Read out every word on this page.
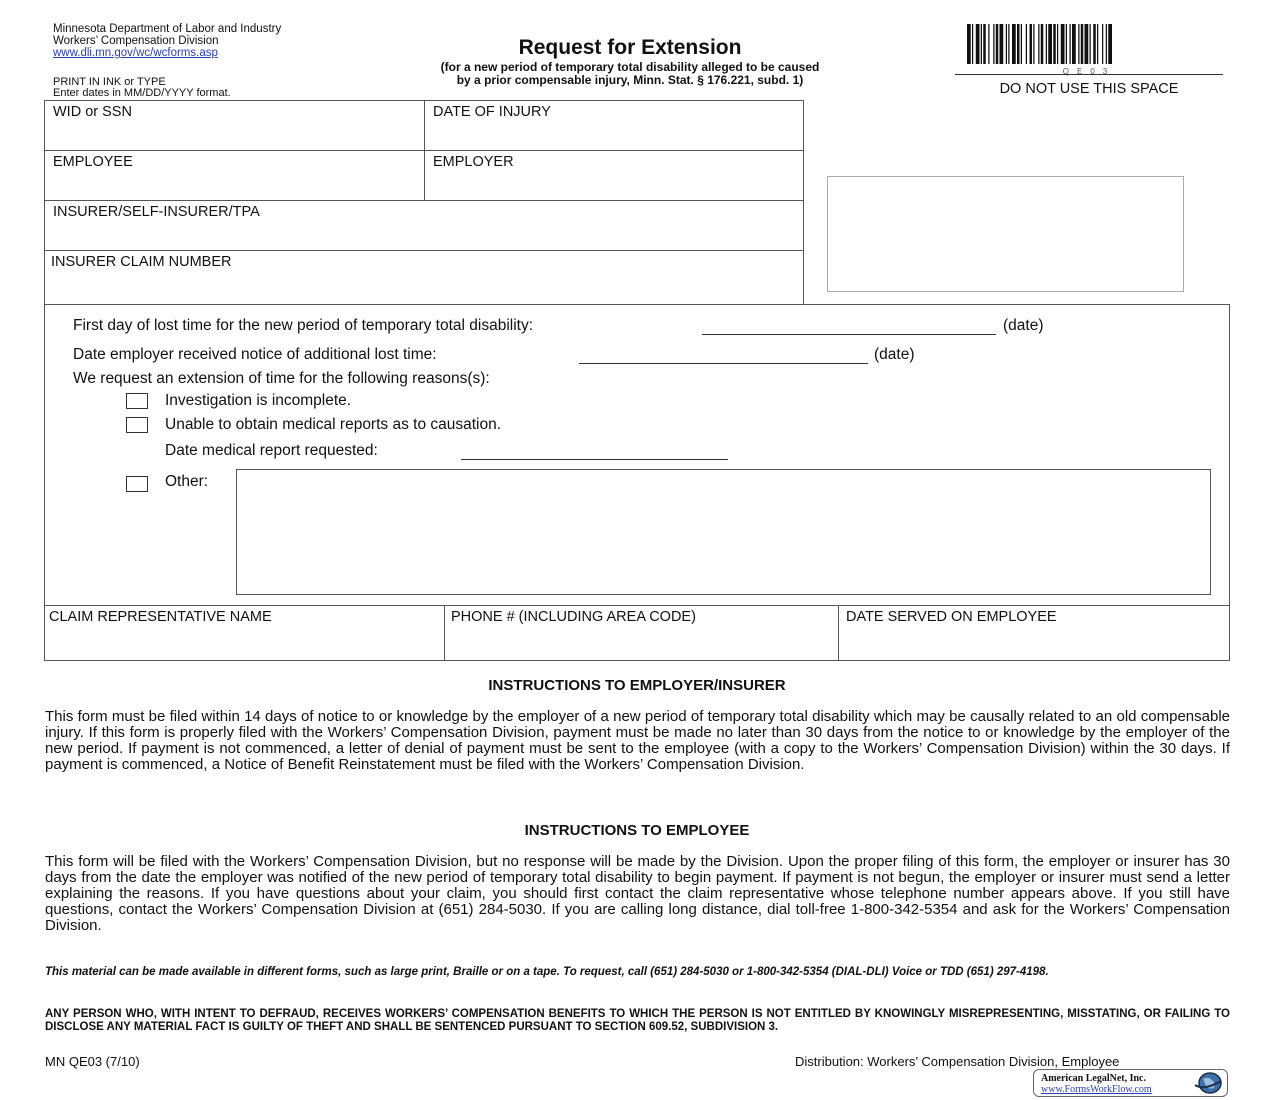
Minnesota Department of Labor and Industry
Workers’ Compensation Division
www.dli.mn.gov/wc/wcforms.asp
PRINT IN INK or TYPE
Enter dates in MM/DD/YYYY format.
Request for Extension
(for a new period of temporary total disability alleged to be caused
by a prior compensable injury, Minn. Stat. § 176.221, subd. 1)
QE03
DO NOT USE THIS SPACE
WID or SSN	DATE OF INJURY
EMPLOYEE	EMPLOYER
INSURER/SELF-INSURER/TPA
INSURER CLAIM NUMBER
First day of lost time for the new period of temporary total disability:	(date)
Date employer received notice of additional lost time:	(date)
We request an extension of time for the following reasons(s):
Investigation is incomplete.
Unable to obtain medical reports as to causation.
Date medical report requested:
Other:
CLAIM REPRESENTATIVE NAME	PHONE # (INCLUDING AREA CODE)	DATE SERVED ON EMPLOYEE
INSTRUCTIONS TO EMPLOYER/INSURER
This form must be filed within 14 days of notice to or knowledge by the employer of a new period of temporary total disability which may be causally related to an old compensable injury. If this form is properly filed with the Workers’ Compensation Division, payment must be made no later than 30 days from the notice to or knowledge by the employer of the new period. If payment is not commenced, a letter of denial of payment must be sent to the employee (with a copy to the Workers’ Compensation Division) within the 30 days. If payment is commenced, a Notice of Benefit Reinstatement must be filed with the Workers’ Compensation Division.
INSTRUCTIONS TO EMPLOYEE
This form will be filed with the Workers’ Compensation Division, but no response will be made by the Division. Upon the proper filing of this form, the employer or insurer has 30 days from the date the employer was notified of the new period of temporary total disability to begin payment. If payment is not begun, the employer or insurer must send a letter explaining the reasons. If you have questions about your claim, you should first contact the claim representative whose telephone number appears above. If you still have questions, contact the Workers’ Compensation Division at (651) 284-5030. If you are calling long distance, dial toll-free 1-800-342-5354 and ask for the Workers’ Compensation Division.
This material can be made available in different forms, such as large print, Braille or on a tape. To request, call (651) 284-5030 or 1-800-342-5354 (DIAL-DLI) Voice or TDD (651) 297-4198.
ANY PERSON WHO, WITH INTENT TO DEFRAUD, RECEIVES WORKERS’ COMPENSATION BENEFITS TO WHICH THE PERSON IS NOT ENTITLED BY KNOWINGLY MISREPRESENTING, MISSTATING, OR FAILING TO DISCLOSE ANY MATERIAL FACT IS GUILTY OF THEFT AND SHALL BE SENTENCED PURSUANT TO SECTION 609.52, SUBDIVISION 3.
MN QE03 (7/10)	Distribution: Workers’ Compensation Division, Employee
American LegalNet, Inc.
www.FormsWorkFlow.com
